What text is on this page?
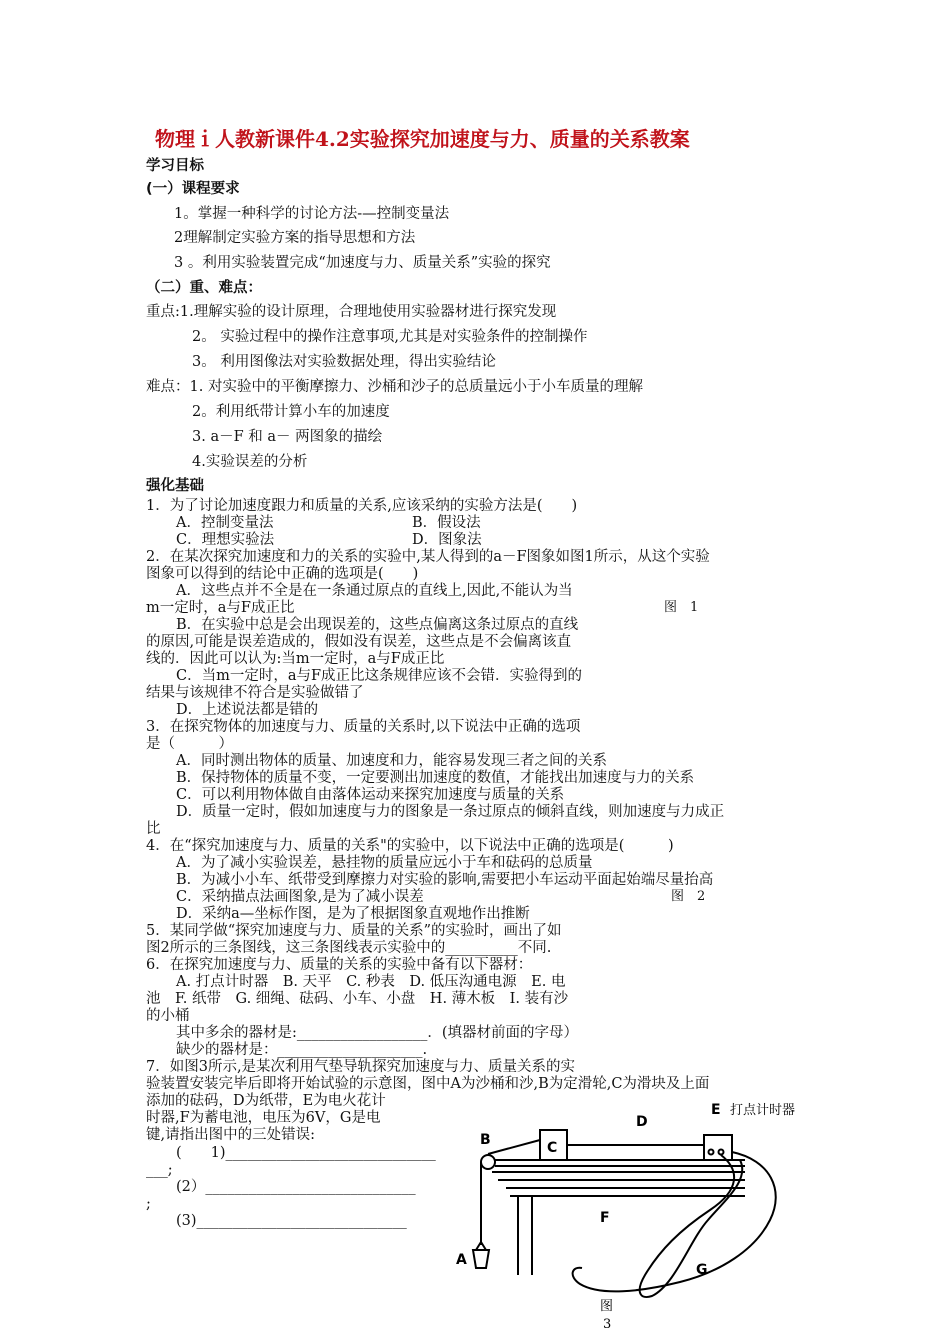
物理ｉ人教新课件4.2实验探究加速度与力、质量的关系教案
学习目标
(一）课程要求
1。掌握一种科学的讨论方法-—控制变量法
2理解制定实验方案的指导思想和方法
3 。利用实验装置完成“加速度与力、质量关系”实验的探究
（二）重、难点：
重点:1.理解实验的设计原理，合理地使用实验器材进行探究发现
2。 实验过程中的操作注意事项,尤其是对实验条件的控制操作
3。 利用图像法对实验数据处理，得出实验结论
难点：1. 对实验中的平衡摩擦力、沙桶和沙子的总质量远小于小车质量的理解
2。利用纸带计算小车的加速度
3. a－F 和 a－ 两图象的描绘
4.实验误差的分析
强化基础
1．为了讨论加速度跟力和质量的关系,应该采纳的实验方法是(　　)
A．控制变量法	B．假设法
C．理想实验法	D．图象法
2．在某次探究加速度和力的关系的实验中,某人得到的a－F图象如图1所示，从这个实验
图象可以得到的结论中正确的选项是(　　)
A．这些点并不全是在一条通过原点的直线上,因此,不能认为当
m一定时，a与F成正比	图　1
B．在实验中总是会出现误差的，这些点偏离这条过原点的直线
的原因,可能是误差造成的，假如没有误差，这些点是不会偏离该直
线的．因此可以认为:当m一定时，a与F成正比
C．当m一定时，a与F成正比这条规律应该不会错．实验得到的
结果与该规律不符合是实验做错了
D．上述说法都是错的
3．在探究物体的加速度与力、质量的关系时,以下说法中正确的选项
是（　　　）
A．同时测出物体的质量、加速度和力，能容易发现三者之间的关系
B．保持物体的质量不变，一定要测出加速度的数值，才能找出加速度与力的关系
C．可以利用物体做自由落体运动来探究加速度与质量的关系
D．质量一定时，假如加速度与力的图象是一条过原点的倾斜直线，则加速度与力成正
比
4．在“探究加速度与力、质量的关系"的实验中，以下说法中正确的选项是(　　　)
A．为了减小实验误差，悬挂物的质量应远小于车和砝码的总质量
B．为减小小车、纸带受到摩擦力对实验的影响,需要把小车运动平面起始端尽量抬高
C．采纳描点法画图象,是为了减小误差	图　2
D．采纳a—坐标作图，是为了根据图象直观地作出推断
5．某同学做“探究加速度与力、质量的关系”的实验时，画出了如
图2所示的三条图线，这三条图线表示实验中的__________不同.
6．在探究加速度与力、质量的关系的实验中备有以下器材：
A. 打点计时器　B. 天平　C. 秒表　D. 低压沟通电源　E. 电
池　F. 纸带　G. 细绳、砝码、小车、小盘　H. 薄木板　I. 装有沙
的小桶
其中多余的器材是:__________________．(填器材前面的字母）
缺少的器材是：____________________.
7．如图3所示,是某次利用气垫导轨探究加速度与力、质量关系的实
验装置安装完毕后即将开始试验的示意图，图中A为沙桶和沙,B为定滑轮,C为滑块及上面
添加的砝码，D为纸带，E为电火花计
时器,F为蓄电池，电压为6V，G是电
键,请指出图中的三处错误:
(　　1)_____________________________
___;
(2）_____________________________
;
(3)_____________________________
A
B	C
D
E 打点计时器
F
G
图
3
